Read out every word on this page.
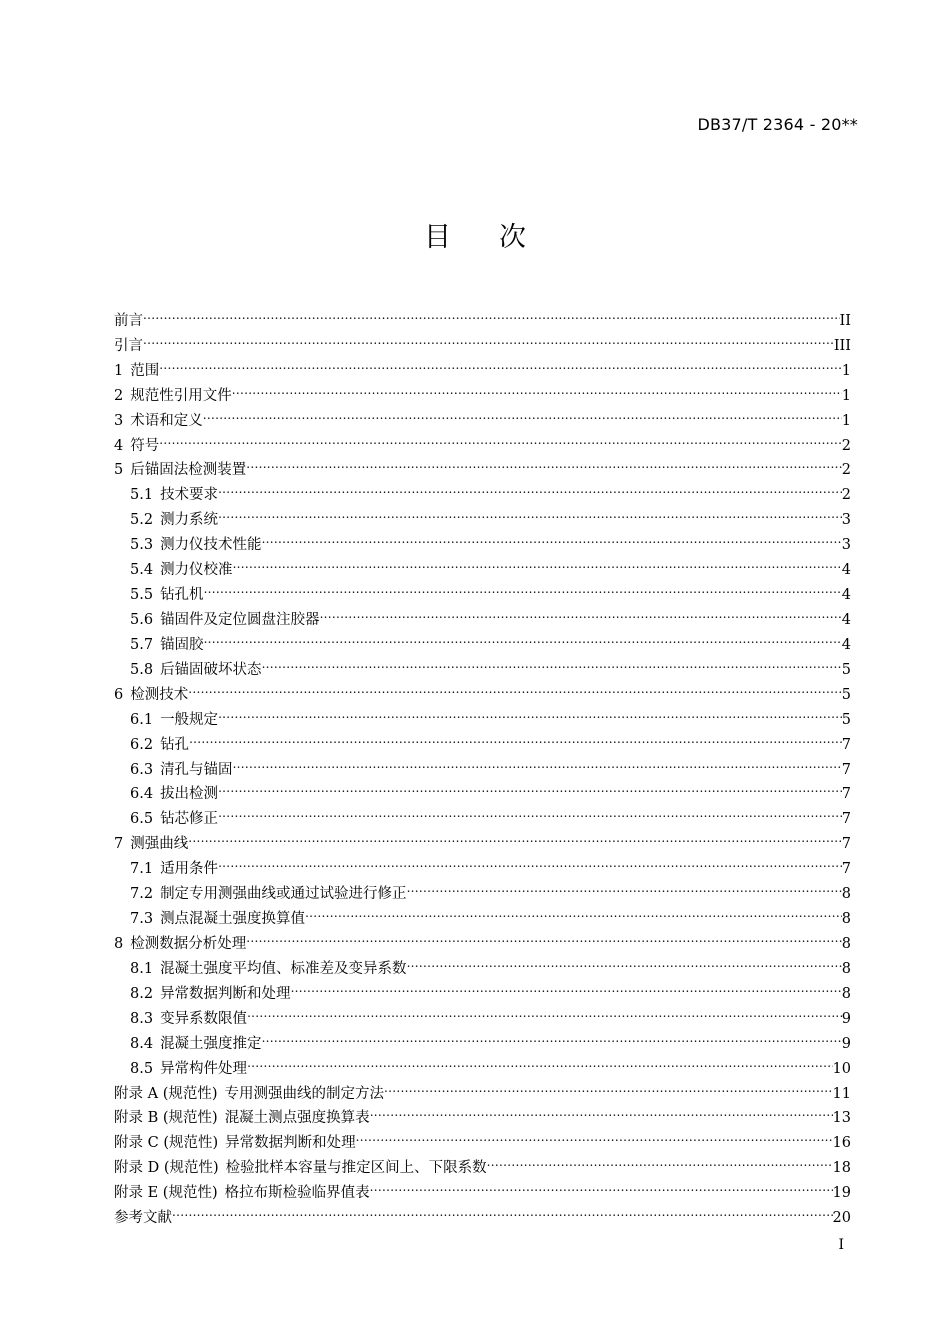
DB37/T 2364 - 20**
目 次
前言 .....	II
引言 .....	III
1 范围 .....	1
2 规范性引用文件 .....	1
3 术语和定义 .....	1
4 符号 .....	2
5 后锚固法检测装置 .....	2
5.1 技术要求 .....	2
5.2 测力系统 .....	3
5.3 测力仪技术性能 .....	3
5.4 测力仪校准 .....	4
5.5 钻孔机 .....	4
5.6 锚固件及定位圆盘注胶器 .....	4
5.7 锚固胶 .....	4
5.8 后锚固破坏状态 .....	5
6 检测技术 .....	5
6.1 一般规定 .....	5
6.2 钻孔 .....	7
6.3 清孔与锚固 .....	7
6.4 拔出检测 .....	7
6.5 钻芯修正 .....	7
7 测强曲线 .....	7
7.1 适用条件 .....	7
7.2 制定专用测强曲线或通过试验进行修正 .....	8
7.3 测点混凝土强度换算值 .....	8
8 检测数据分析处理 .....	8
8.1 混凝土强度平均值、标准差及变异系数 .....	8
8.2 异常数据判断和处理 .....	8
8.3 变异系数限值 .....	9
8.4 混凝土强度推定 .....	9
8.5 异常构件处理 .....	10
附录 A (规范性) 专用测强曲线的制定方法 .....	11
附录 B (规范性) 混凝土测点强度换算表 .....	13
附录 C (规范性) 异常数据判断和处理 .....	16
附录 D (规范性) 检验批样本容量与推定区间上、下限系数 .....	18
附录 E (规范性) 格拉布斯检验临界值表 .....	19
参考文献 .....	20
I
